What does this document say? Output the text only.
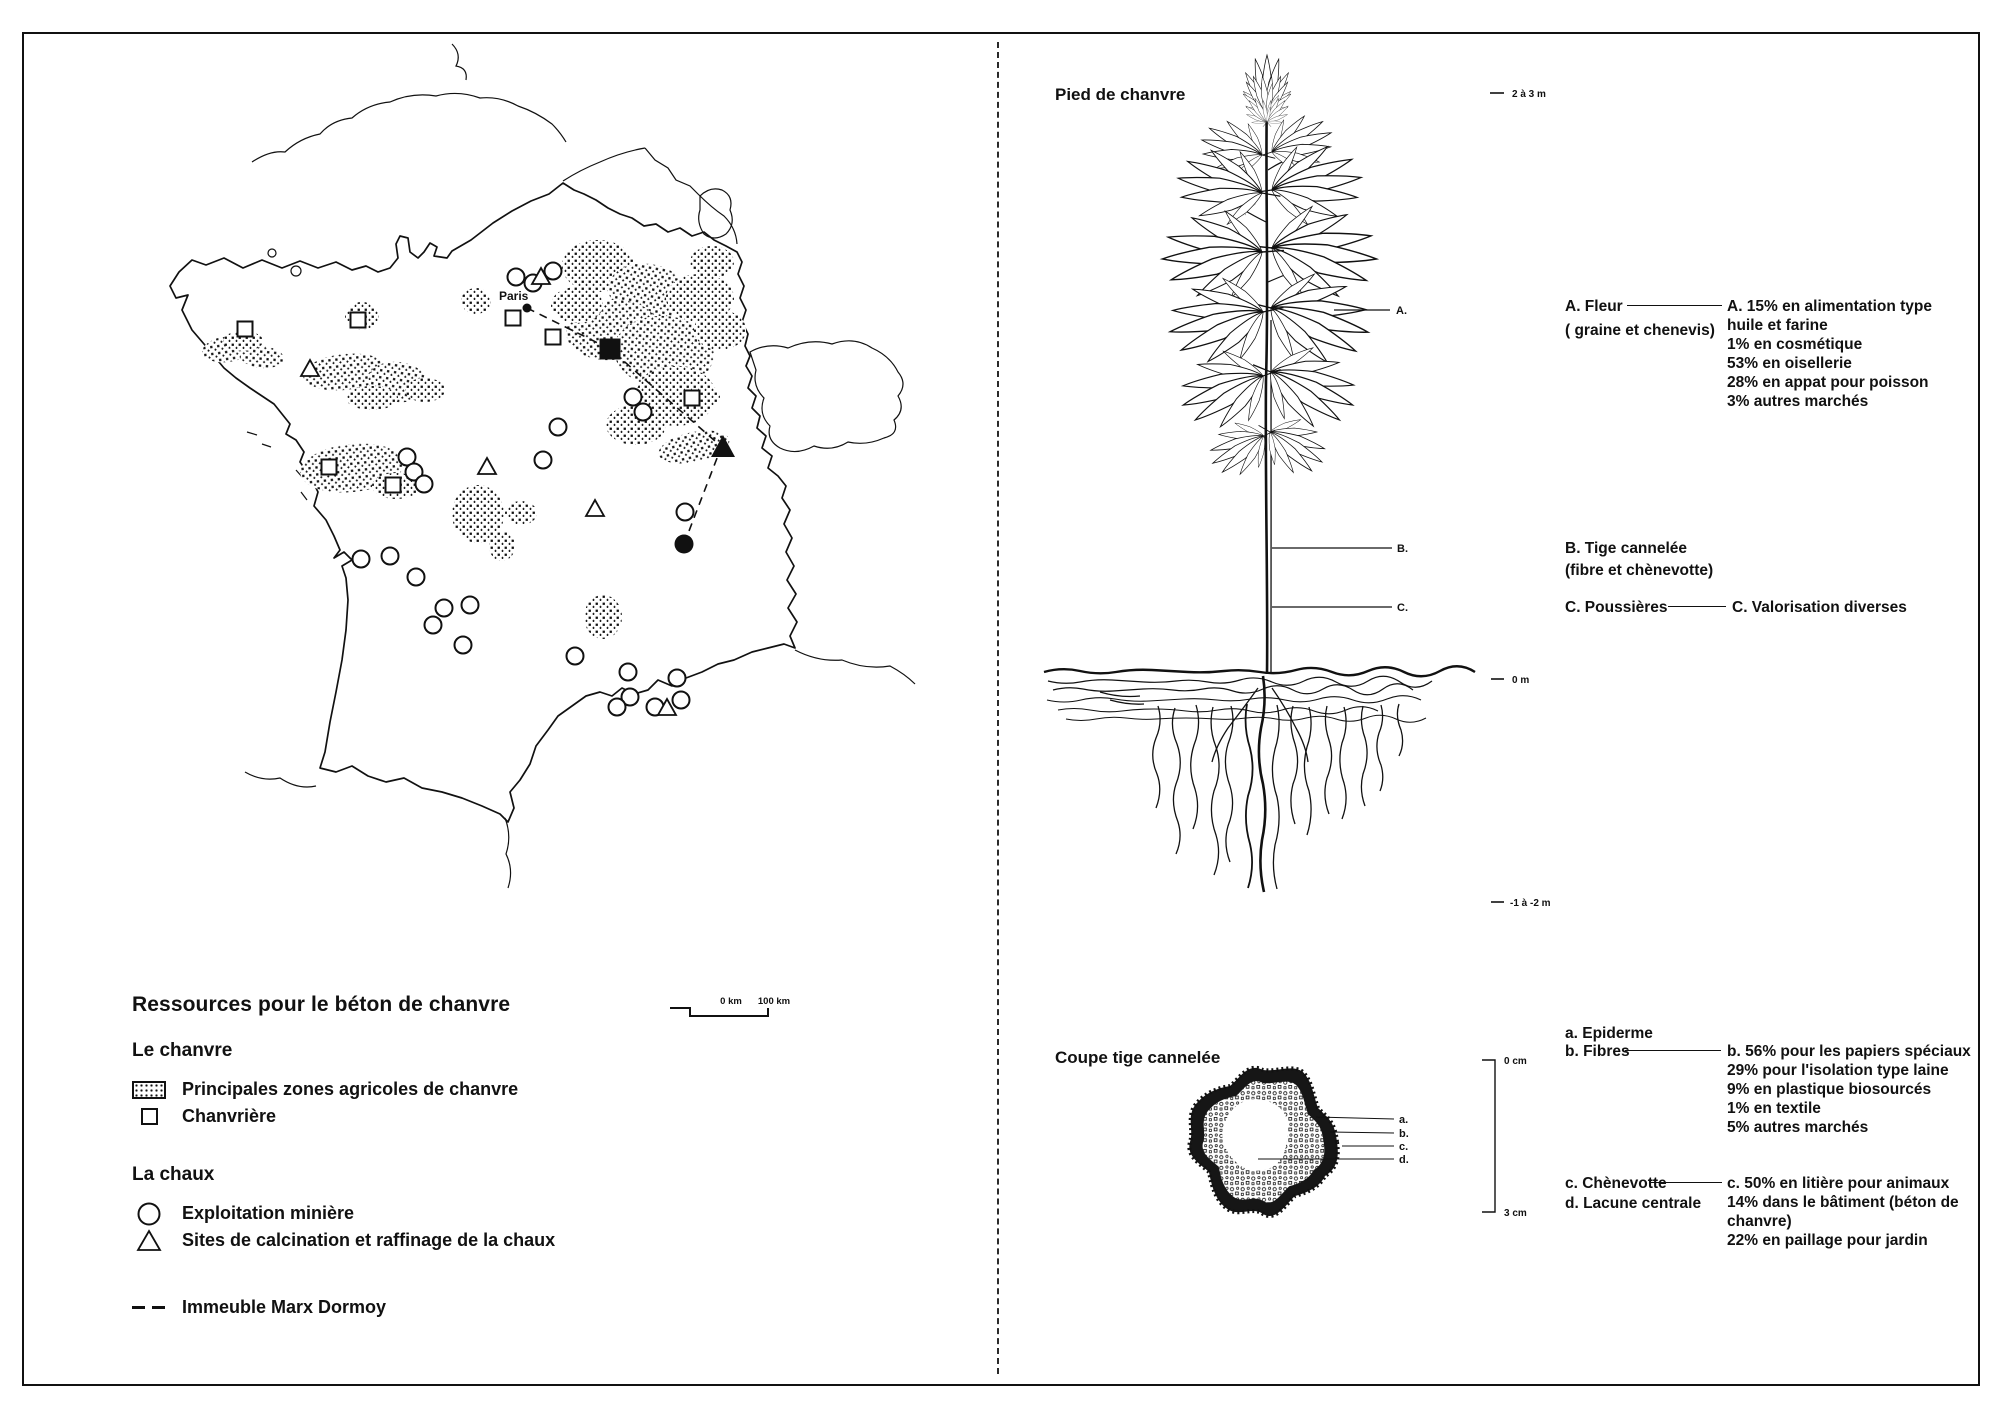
Paris
0 km 100 km
Ressources pour le béton de chanvre
Le chanvre
Principales zones agricoles de chanvre
Chanvrière
La chaux
Exploitation minière
Sites de calcination et raffinage de la chaux
Immeuble Marx Dormoy
A.
B.
C.
2 à 3 m
0 m
-1 à -2 m
a.
b.
c.
d.
0 cm
3 cm
Pied de chanvre
Coupe tige cannelée
A. Fleur
( graine et chenevis)
A. 15% en alimentation type
huile et farine
1% en cosmétique
53% en oisellerie
28% en appat pour poisson
3% autres marchés
B. Tige cannelée
(fibre et chènevotte)
C. Poussières	C. Valorisation diverses
a. Epiderme
b. Fibres	b. 56% pour les papiers spéciaux
29% pour l'isolation type laine
9% en plastique biosourcés
1% en textile
5% autres marchés
c. Chènevotte
d. Lacune centrale
c. 50% en litière pour animaux
14% dans le bâtiment (béton de
chanvre)
22% en paillage pour jardin
